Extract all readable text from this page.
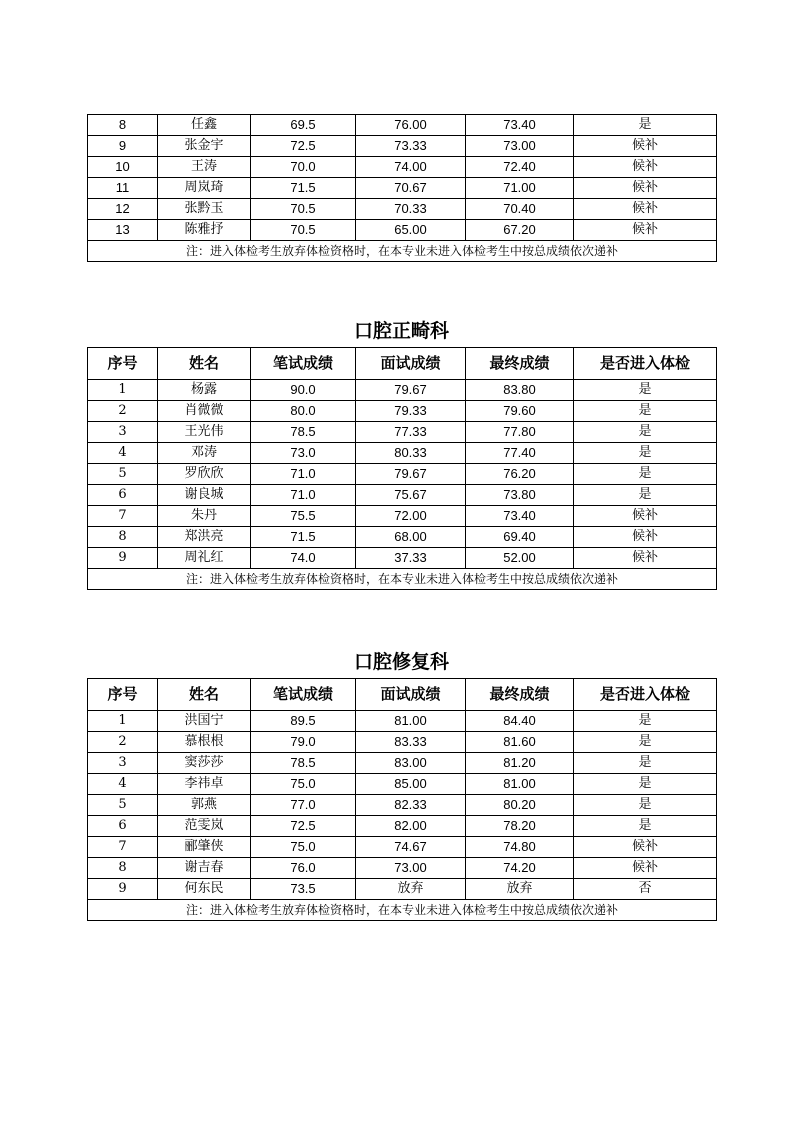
8	任鑫	69.5	76.00	73.40	是
9	张金宇	72.5	73.33	73.00	候补
10	王涛	70.0	74.00	72.40	候补
11	周岚琦	71.5	70.67	71.00	候补
12	张黔玉	70.5	70.33	70.40	候补
13	陈雅抒	70.5	65.00	67.20	候补
注：进入体检考生放弃体检资格时，在本专业未进入体检考生中按总成绩依次递补					
口腔正畸科
序号	姓名	笔试成绩	面试成绩	最终成绩	是否进入体检
1	杨露	90.0	79.67	83.80	是
2	肖微微	80.0	79.33	79.60	是
3	王光伟	78.5	77.33	77.80	是
4	邓涛	73.0	80.33	77.40	是
5	罗欣欣	71.0	79.67	76.20	是
6	谢良城	71.0	75.67	73.80	是
7	朱丹	75.5	72.00	73.40	候补
8	郑洪亮	71.5	68.00	69.40	候补
9	周礼红	74.0	37.33	52.00	候补
注：进入体检考生放弃体检资格时，在本专业未进入体检考生中按总成绩依次递补					
口腔修复科
序号	姓名	笔试成绩	面试成绩	最终成绩	是否进入体检
1	洪国宁	89.5	81.00	84.40	是
2	慕根根	79.0	83.33	81.60	是
3	窦莎莎	78.5	83.00	81.20	是
4	李祎卓	75.0	85.00	81.00	是
5	郭燕	77.0	82.33	80.20	是
6	范雯岚	72.5	82.00	78.20	是
7	郦肇侠	75.0	74.67	74.80	候补
8	谢吉春	76.0	73.00	74.20	候补
9	何东民	73.5	放弃	放弃	否
注：进入体检考生放弃体检资格时，在本专业未进入体检考生中按总成绩依次递补					
